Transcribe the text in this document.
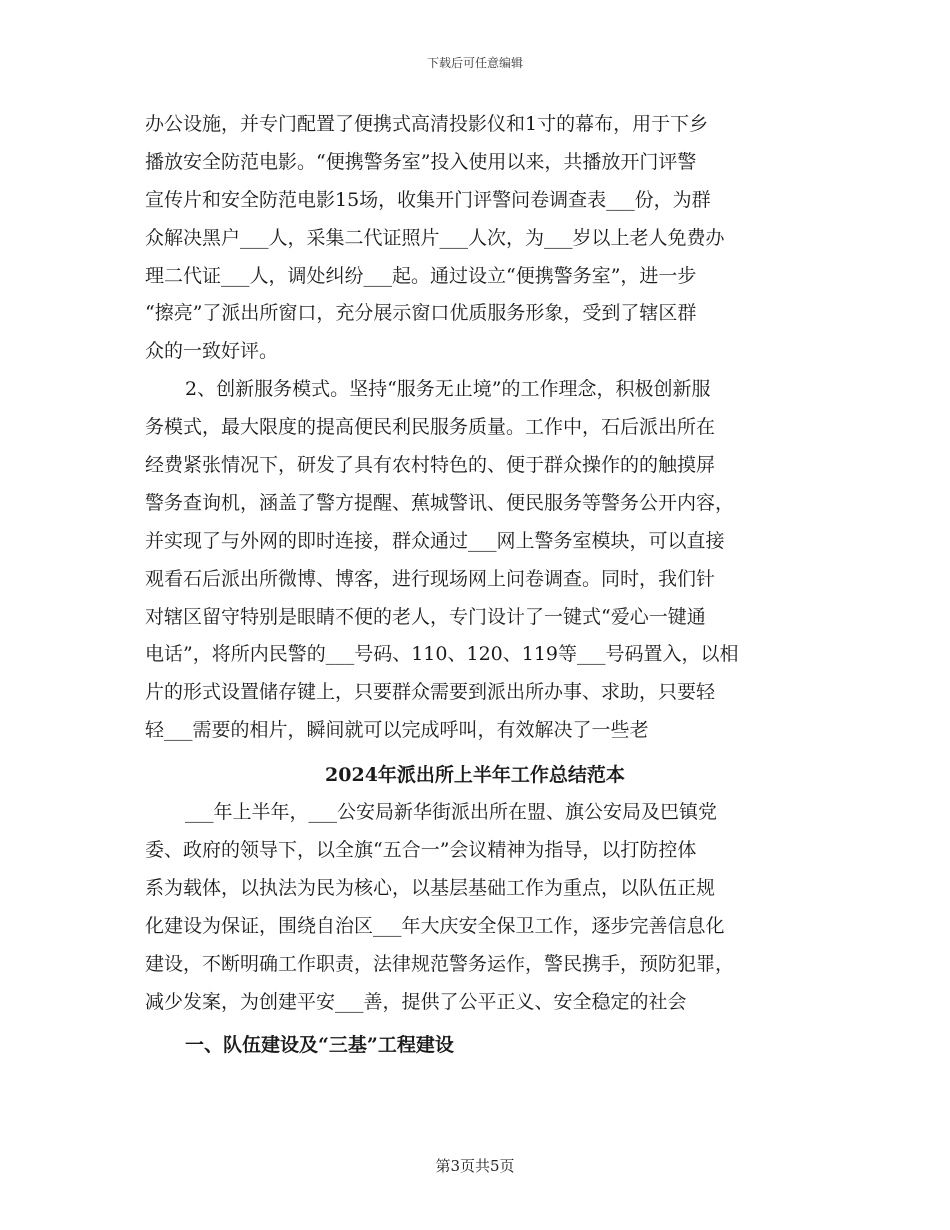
下载后可任意编辑
办公设施，并专门配置了便携式高清投影仪和1寸的幕布，用于下乡
播放安全防范电影。“便携警务室”投入使用以来，共播放开门评警
宣传片和安全防范电影15场，收集开门评警问卷调查表___份，为群
众解决黑户___人，采集二代证照片___人次，为___岁以上老人免费办
理二代证___人，调处纠纷___起。通过设立“便携警务室”，进一步
“擦亮”了派出所窗口，充分展示窗口优质服务形象，受到了辖区群
众的一致好评。
2、创新服务模式。坚持“服务无止境”的工作理念，积极创新服
务模式，最大限度的提高便民利民服务质量。工作中，石后派出所在
经费紧张情况下，研发了具有农村特色的、便于群众操作的的触摸屏
警务查询机，涵盖了警方提醒、蕉城警讯、便民服务等警务公开内容，
并实现了与外网的即时连接，群众通过___网上警务室模块，可以直接
观看石后派出所微博、博客，进行现场网上问卷调查。同时，我们针
对辖区留守特别是眼睛不便的老人，专门设计了一键式“爱心一键通
电话”，将所内民警的___号码、110、120、119等___号码置入，以相
片的形式设置储存键上，只要群众需要到派出所办事、求助，只要轻
轻___需要的相片，瞬间就可以完成呼叫，有效解决了一些老
2024年派出所上半年工作总结范本
___年上半年，___公安局新华街派出所在盟、旗公安局及巴镇党
委、政府的领导下，以全旗“五合一”会议精神为指导，以打防控体
系为载体，以执法为民为核心，以基层基础工作为重点，以队伍正规
化建设为保证，围绕自治区___年大庆安全保卫工作，逐步完善信息化
建设，不断明确工作职责，法律规范警务运作，警民携手，预防犯罪，
减少发案，为创建平安___善，提供了公平正义、安全稳定的社会
一、队伍建设及“三基”工程建设
第3页共5页
